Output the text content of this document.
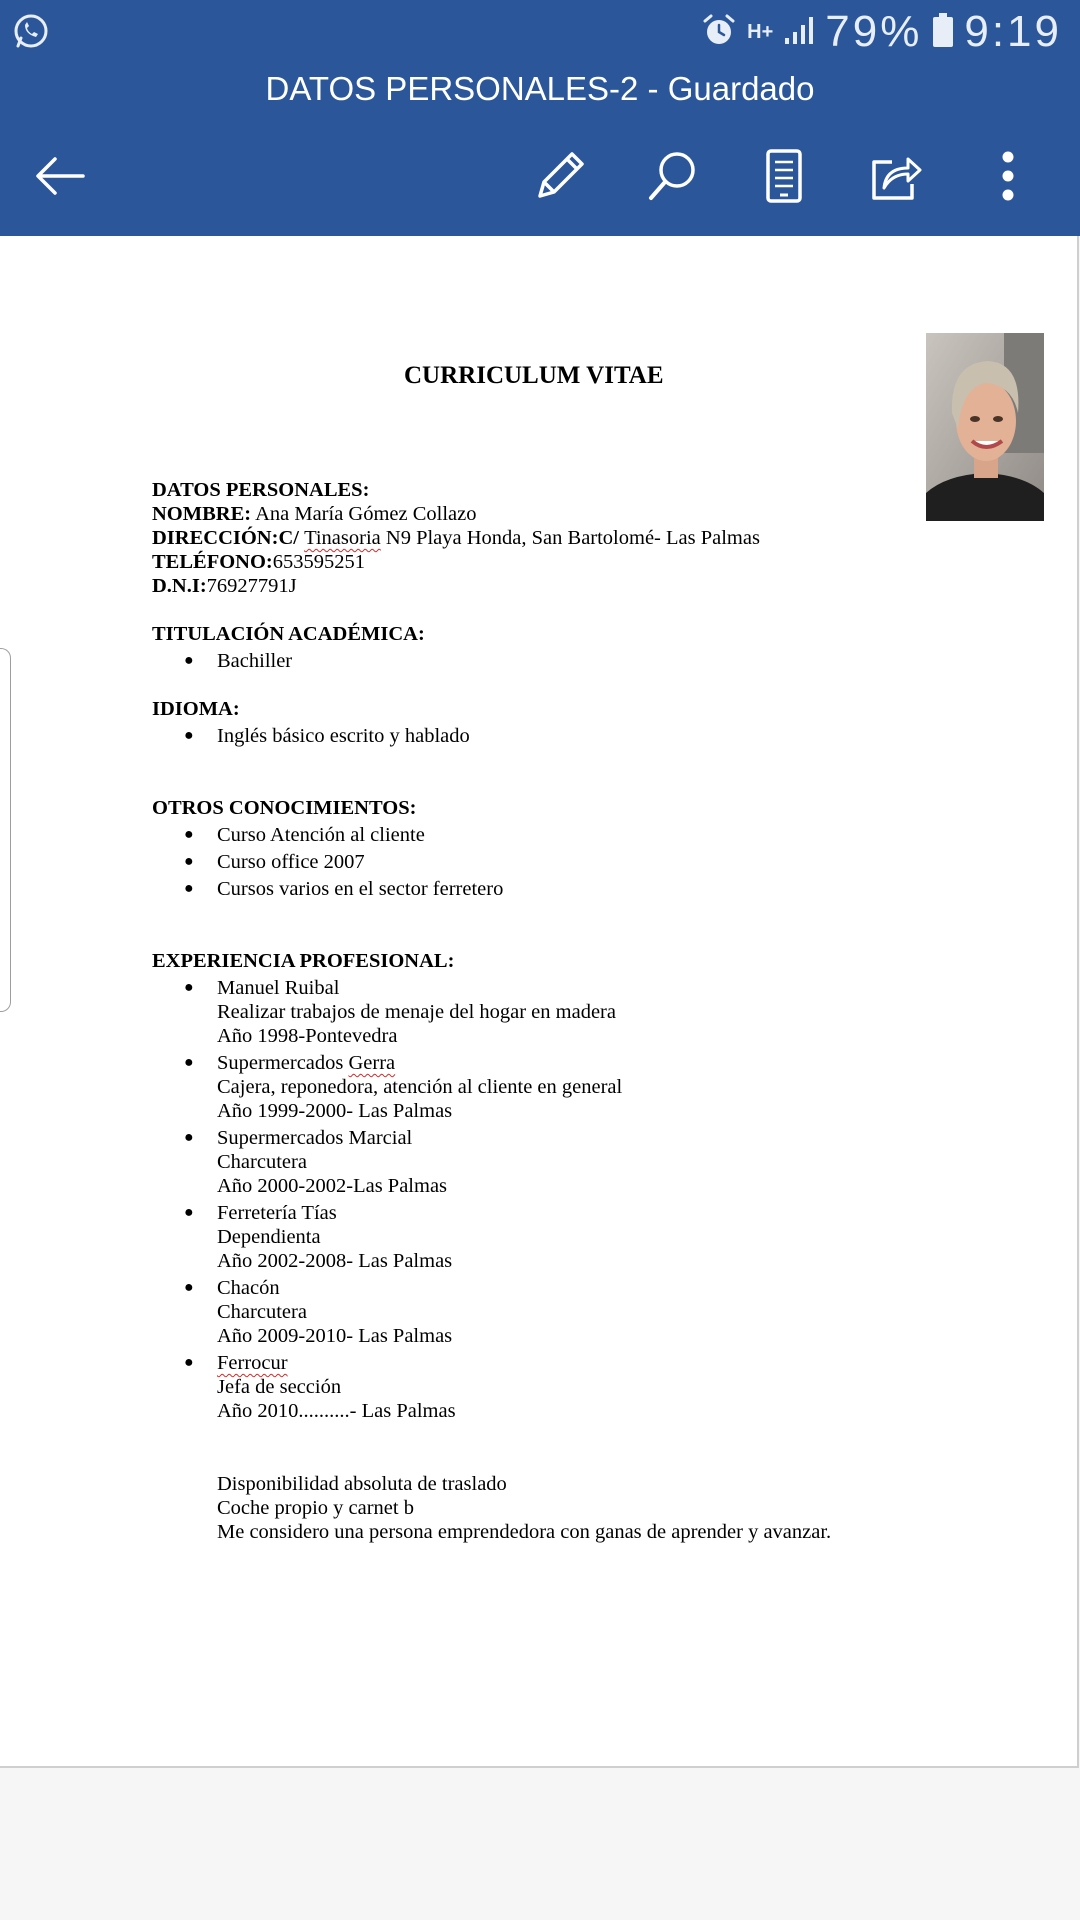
H+ 79% 9:19
DATOS PERSONALES-2 - Guardado
CURRICULUM VITAE
DATOS PERSONALES:
NOMBRE: Ana María Gómez Collazo
DIRECCIÓN:C/ Tinasoria N9 Playa Honda, San Bartolomé- Las Palmas
TELÉFONO:653595251
D.N.I:76927791J
TITULACIÓN ACADÉMICA:
● Bachiller
IDIOMA:
● Inglés básico escrito y hablado
OTROS CONOCIMIENTOS:
● Curso Atención al cliente
● Curso office 2007
● Cursos varios en el sector ferretero
EXPERIENCIA PROFESIONAL:
● Manuel Ruibal
Realizar trabajos de menaje del hogar en madera
Año 1998-Pontevedra
● Supermercados Gerra
Cajera, reponedora, atención al cliente en general
Año 1999-2000- Las Palmas
● Supermercados Marcial
Charcutera
Año 2000-2002-Las Palmas
● Ferretería Tías
Dependienta
Año 2002-2008- Las Palmas
● Chacón
Charcutera
Año 2009-2010- Las Palmas
● Ferrocur
Jefa de sección
Año 2010..........- Las Palmas
Disponibilidad absoluta de traslado
Coche propio y carnet b
Me considero una persona emprendedora con ganas de aprender y avanzar.
